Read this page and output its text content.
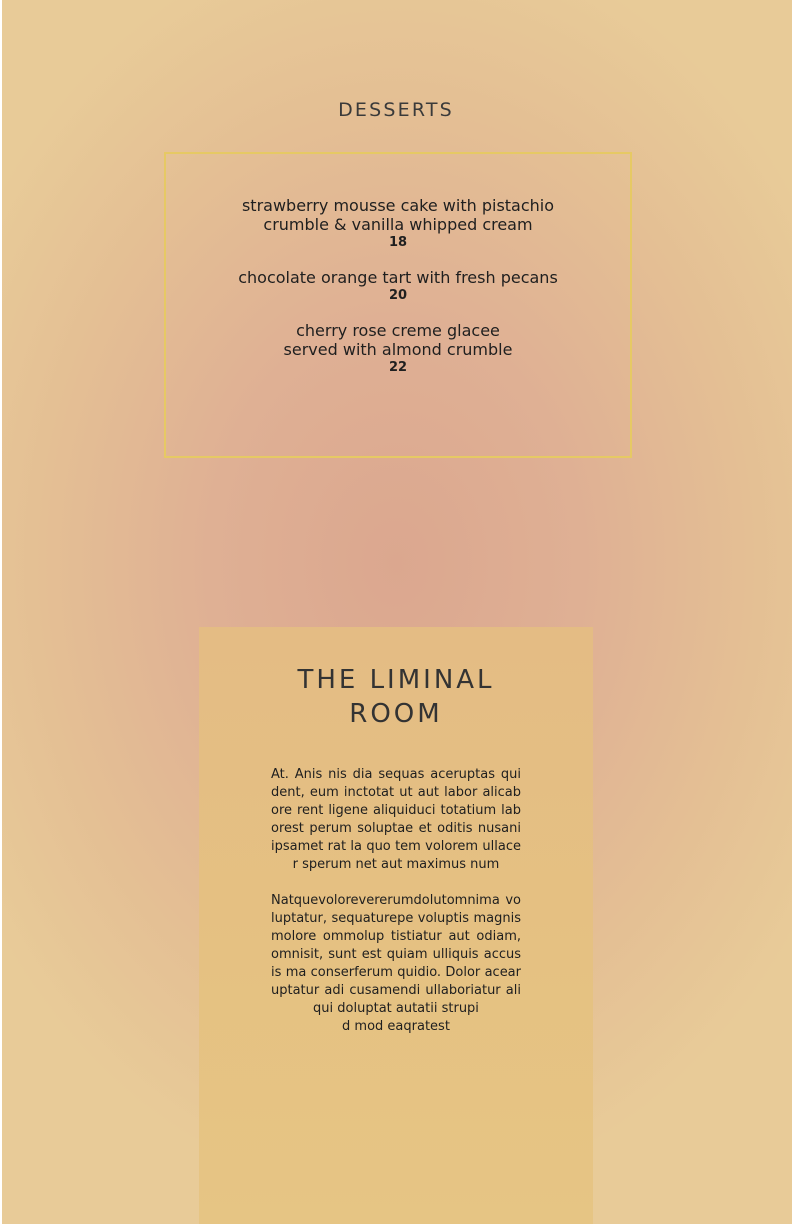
DESSERTS
strawberry mousse cake with pistachio
crumble & vanilla whipped cream
18
chocolate orange tart with fresh pecans
20
cherry rose creme glacee
served with almond crumble
22
THE LIMINAL
ROOM
At. Anis nis dia sequas aceruptas qui dent, eum inctotat ut aut labor alicabore rent ligene aliquiduci totatium laborest perum soluptae et oditis nusani ipsamet rat la quo tem volorem ullacer sperum net aut maximus num
Natquevolorevererumdolutomnima voluptatur, sequaturepe voluptis magnis molore ommolup tistiatur aut odiam, omnisit, sunt est quiam ulliquis accus is ma conserferum quidio. Dolor acearuptatur adi cusamendi ullaboriatur aliqui doluptat autatii strupi
d mod eaqratest
